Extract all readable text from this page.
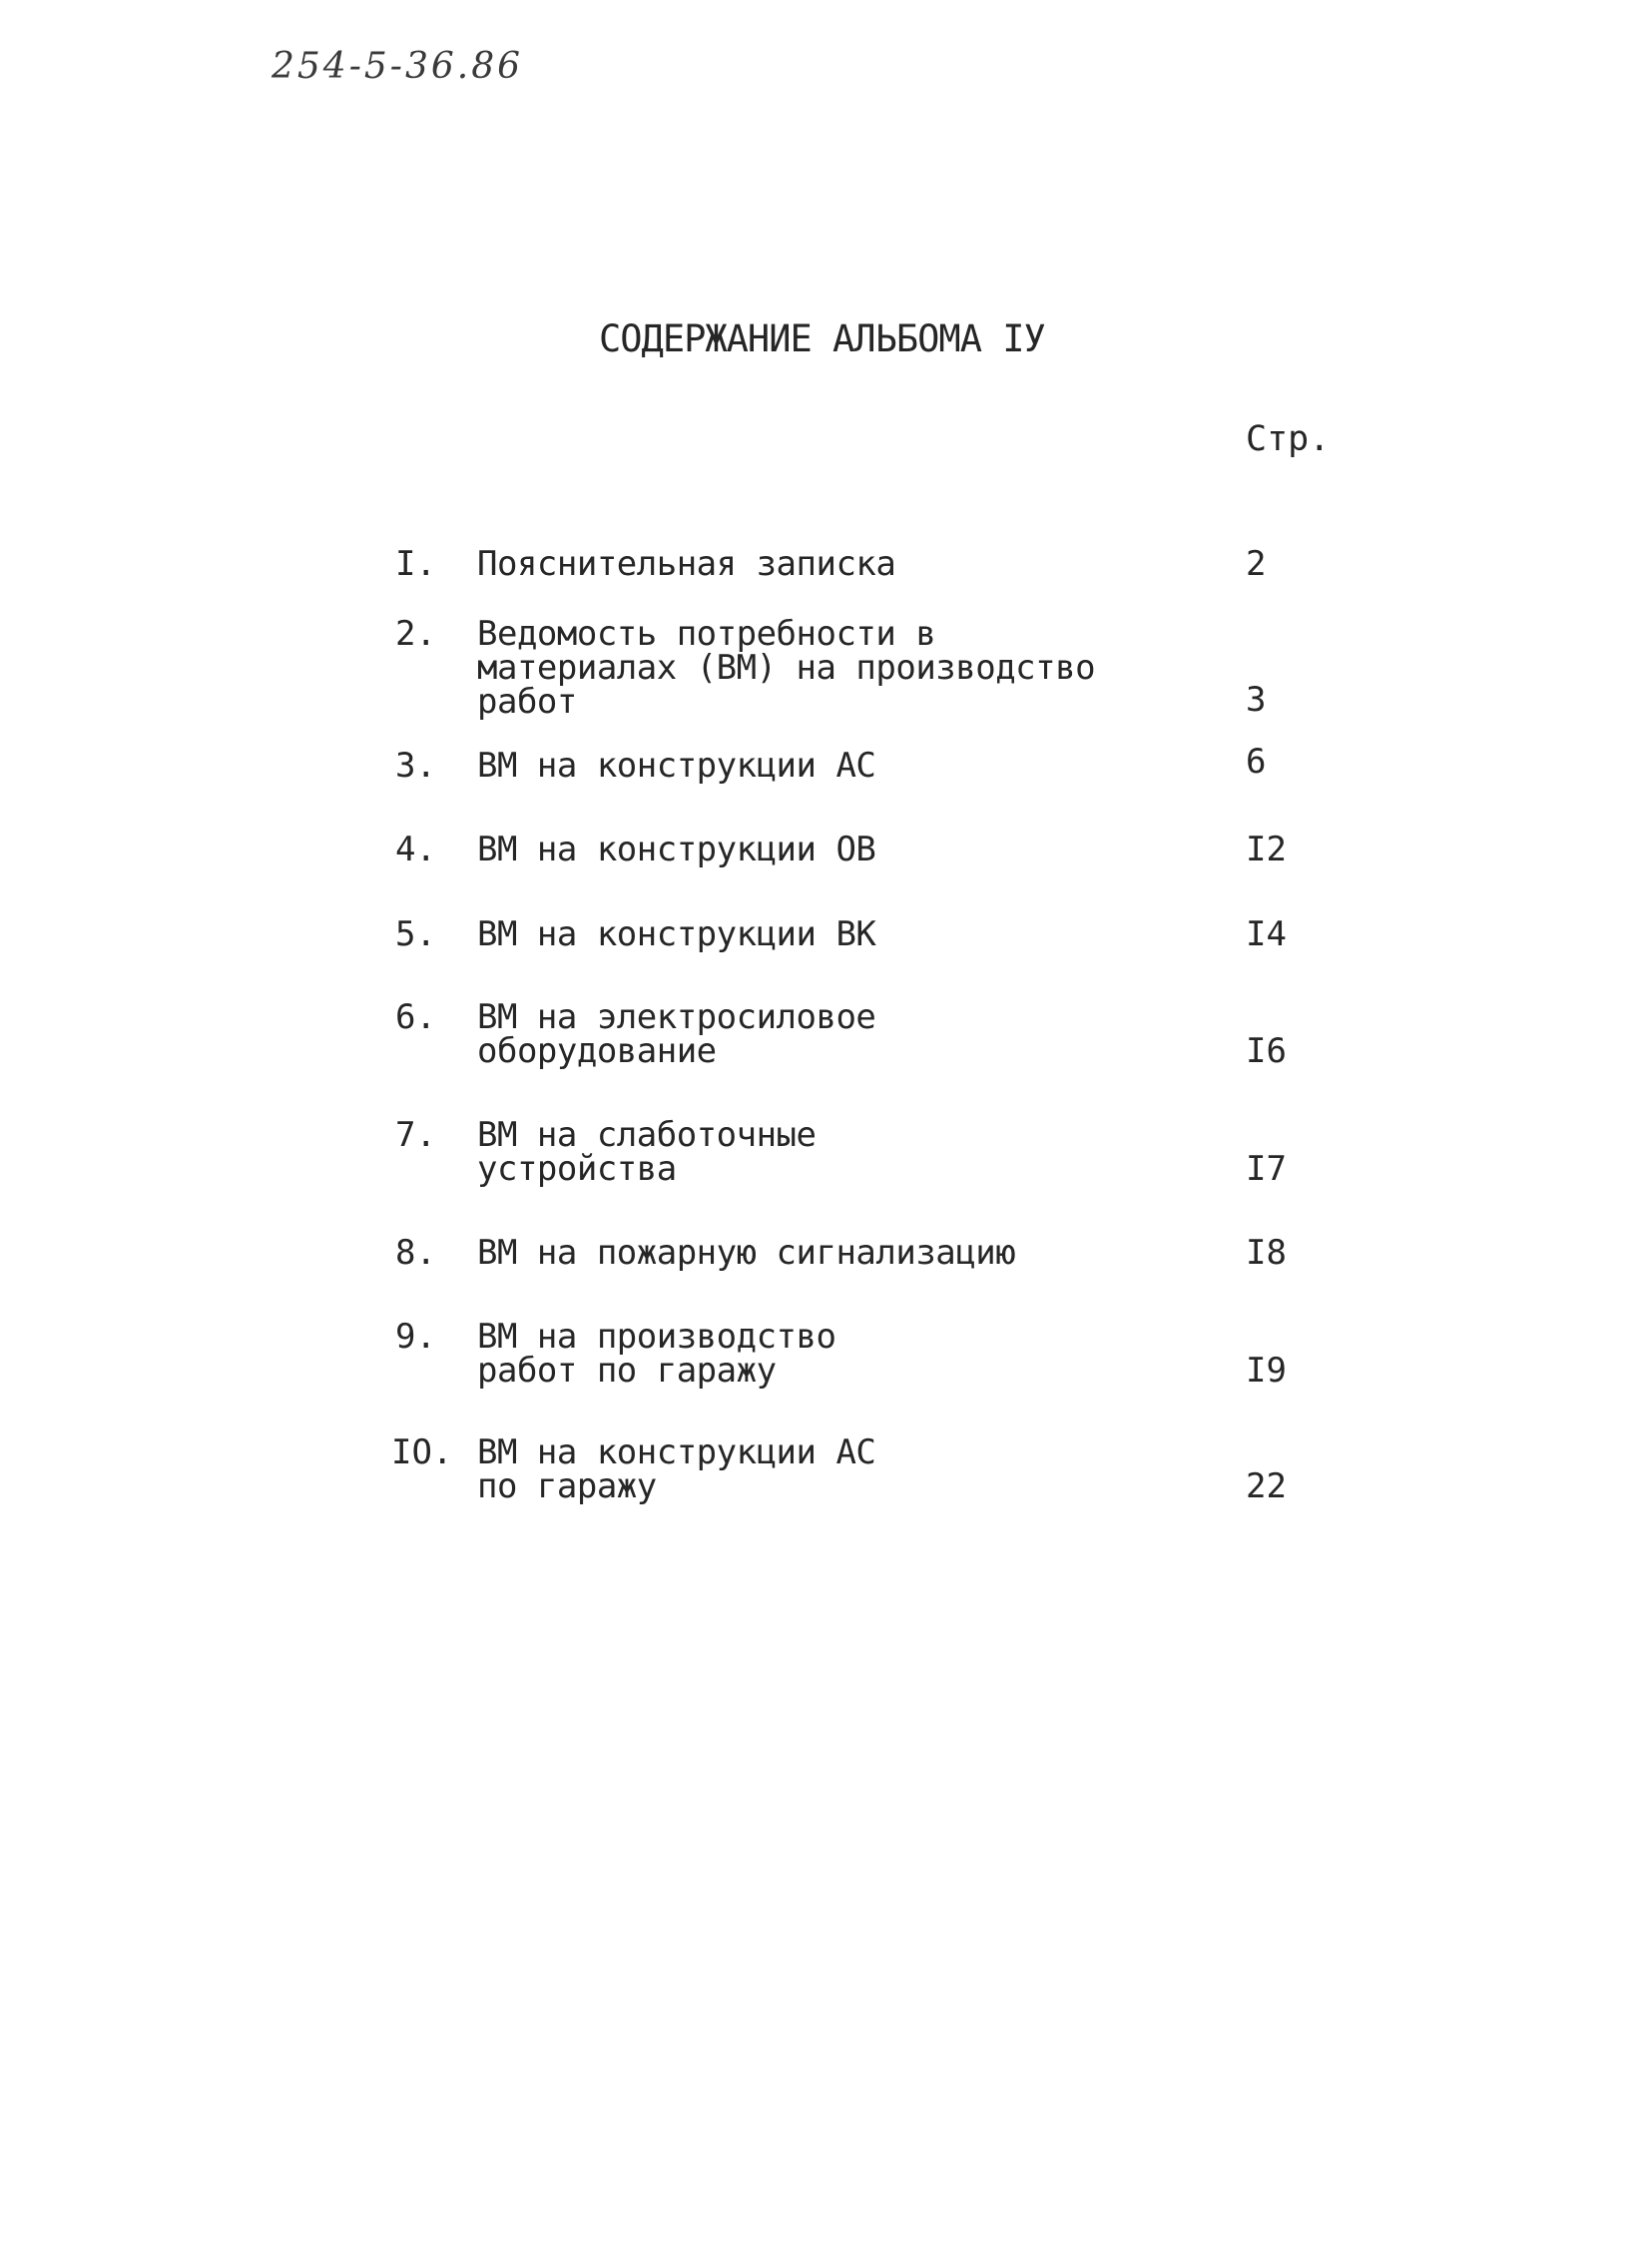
254-5-36.86
СОДЕРЖАНИЕ АЛЬБОМА IУ
Стр.
I. Пояснительная записка	2
2. Ведомость потребности в
материалах (ВМ) на производство
работ	3
3. ВМ на конструкции АС	6
4. ВМ на конструкции ОВ	I2
5. ВМ на конструкции ВК	I4
6. ВМ на электросиловое
оборудование	I6
7. ВМ на слаботочные
устройства	I7
8. ВМ на пожарную сигнализацию	I8
9. ВМ на производство
работ по гаражу	I9
IO. ВМ на конструкции АС
по гаражу	22
